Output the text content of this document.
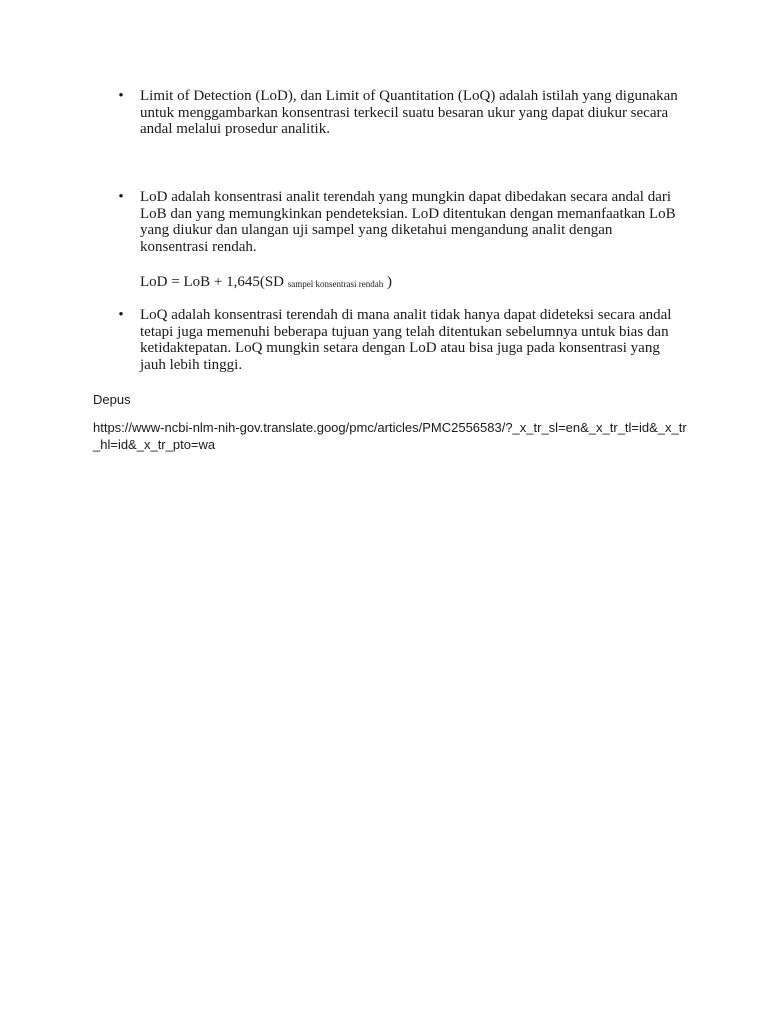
• Limit of Detection (LoD), dan Limit of Quantitation (LoQ) adalah istilah yang digunakan untuk menggambarkan konsentrasi terkecil suatu besaran ukur yang dapat diukur secara andal melalui prosedur analitik.
• LoD adalah konsentrasi analit terendah yang mungkin dapat dibedakan secara andal dari LoB dan yang memungkinkan pendeteksian. LoD ditentukan dengan memanfaatkan LoB yang diukur dan ulangan uji sampel yang diketahui mengandung analit dengan konsentrasi rendah.
LoD = LoB + 1,645(SD sampel konsentrasi rendah )
• LoQ adalah konsentrasi terendah di mana analit tidak hanya dapat dideteksi secara andal tetapi juga memenuhi beberapa tujuan yang telah ditentukan sebelumnya untuk bias dan ketidaktepatan. LoQ mungkin setara dengan LoD atau bisa juga pada konsentrasi yang jauh lebih tinggi.
Depus
https://www-ncbi-nlm-nih-gov.translate.goog/pmc/articles/PMC2556583/?_x_tr_sl=en&_x_tr_tl=id&_x_tr_hl=id&_x_tr_pto=wa
